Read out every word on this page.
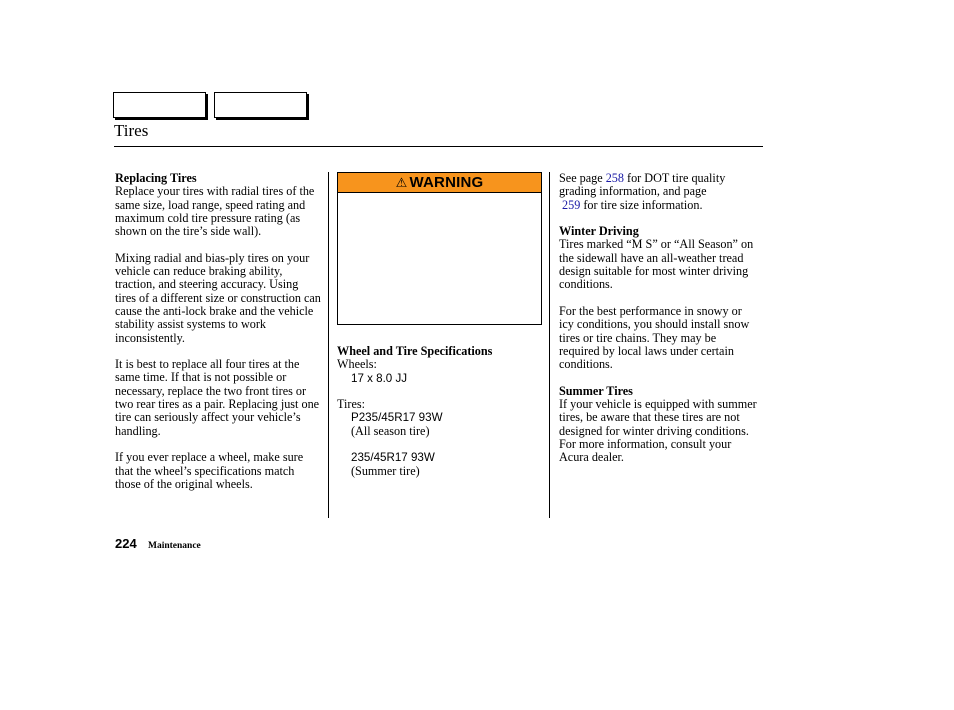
Tires
Replacing Tires

Replace your tires with radial tires of the same size, load range, speed rating and maximum cold tire pressure rating (as shown on the tire’s side wall).

Mixing radial and bias-ply tires on your vehicle can reduce braking ability, traction, and steering accuracy. Using tires of a different size or construction can cause the anti-lock brake and the vehicle stability assist systems to work inconsistently.

It is best to replace all four tires at the same time. If that is not possible or necessary, replace the two front tires or two rear tires as a pair. Replacing just one tire can seriously affect your vehicle’s handling.

If you ever replace a wheel, make sure that the wheel’s specifications match those of the original wheels.

⚠ WARNING
Wheel and Tire Specifications
Wheels:
17 x 8.0 JJ
Tires:
P235/45R17 93W
(All season tire)
235/45R17 93W
(Summer tire)

See page 258 for DOT tire quality grading information, and page
259 for tire size information.

Winter Driving

Tires marked “M S” or “All Season” on the sidewall have an all-weather tread design suitable for most winter driving conditions.

For the best performance in snowy or icy conditions, you should install snow tires or tire chains. They may be required by local laws under certain conditions.

Summer Tires

If your vehicle is equipped with summer tires, be aware that these tires are not designed for winter driving conditions. For more information, consult your Acura dealer.

224 Maintenance
